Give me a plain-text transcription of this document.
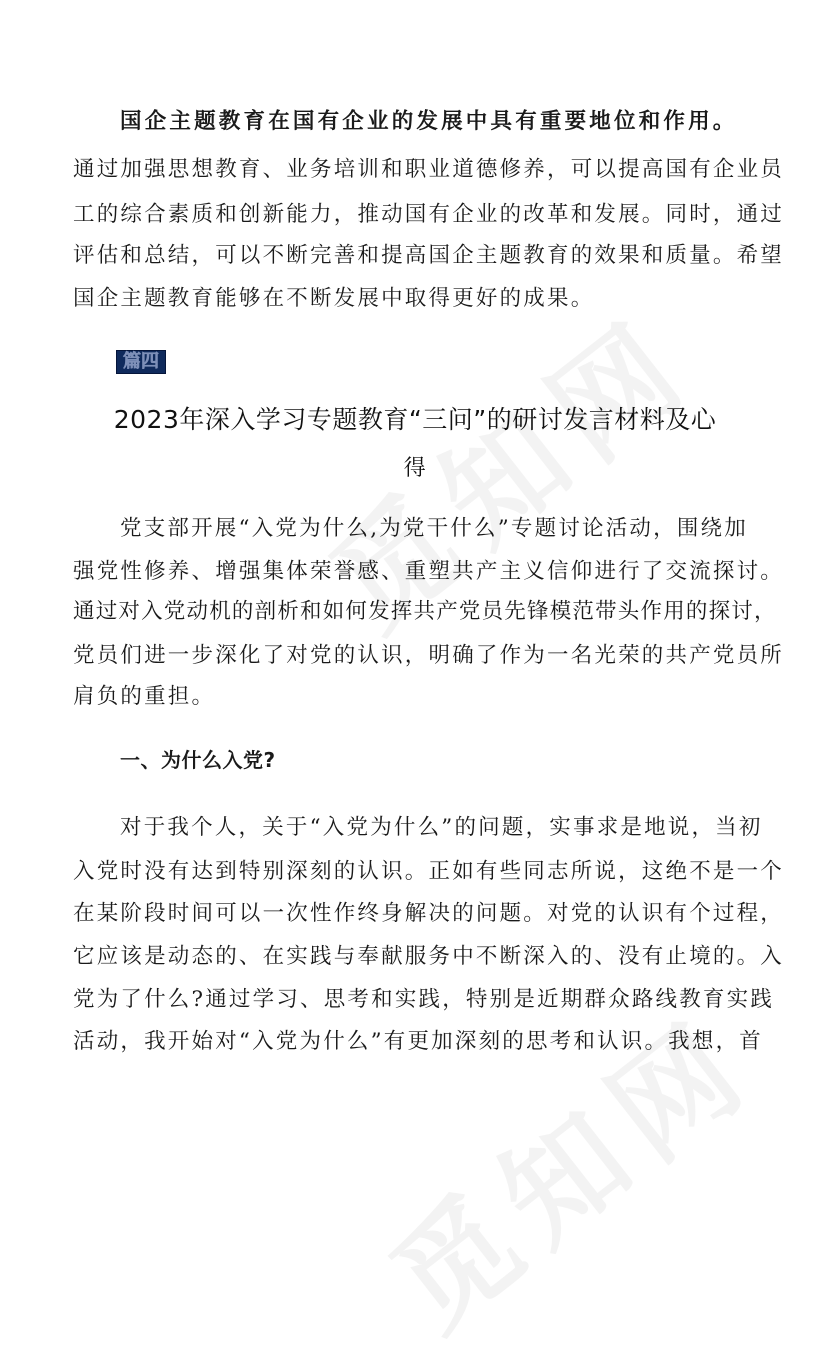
国企主题教育在国有企业的发展中具有重要地位和作用。
通过加强思想教育、业务培训和职业道德修养，可以提高国有企业员
工的综合素质和创新能力，推动国有企业的改革和发展。同时，通过
评估和总结，可以不断完善和提高国企主题教育的效果和质量。希望
国企主题教育能够在不断发展中取得更好的成果。
篇四
2023年深入学习专题教育“三问”的研讨发言材料及心
得
党支部开展“入党为什么,为党干什么”专题讨论活动，围绕加
强党性修养、增强集体荣誉感、重塑共产主义信仰进行了交流探讨。
通过对入党动机的剖析和如何发挥共产党员先锋模范带头作用的探讨，
党员们进一步深化了对党的认识，明确了作为一名光荣的共产党员所
肩负的重担。
一、为什么入党?
对于我个人，关于“入党为什么”的问题，实事求是地说，当初
入党时没有达到特别深刻的认识。正如有些同志所说，这绝不是一个
在某阶段时间可以一次性作终身解决的问题。对党的认识有个过程，
它应该是动态的、在实践与奉献服务中不断深入的、没有止境的。入
党为了什么?通过学习、思考和实践，特别是近期群众路线教育实践
活动，我开始对“入党为什么”有更加深刻的思考和认识。我想，首
